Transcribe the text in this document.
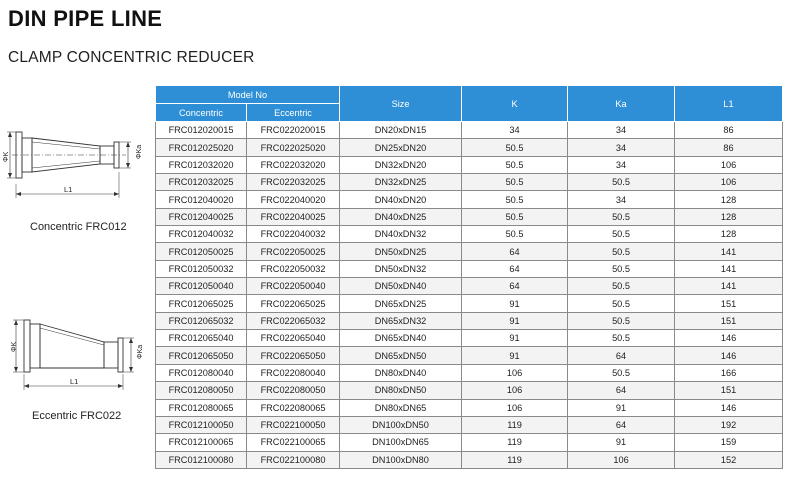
DIN PIPE LINE
CLAMP CONCENTRIC REDUCER
ΦK	ΦKa
L1
Concentric FRC012
ΦK	ΦKa
L1
Eccentric FRC022
Model No		Size	K	Ka	L1
Concentric	Eccentric				
FRC012020015	FRC022020015	DN20xDN15	34	34	86
FRC012025020	FRC022025020	DN25xDN20	50.5	34	86
FRC012032020	FRC022032020	DN32xDN20	50.5	34	106
FRC012032025	FRC022032025	DN32xDN25	50.5	50.5	106
FRC012040020	FRC022040020	DN40xDN20	50.5	34	128
FRC012040025	FRC022040025	DN40xDN25	50.5	50.5	128
FRC012040032	FRC022040032	DN40xDN32	50.5	50.5	128
FRC012050025	FRC022050025	DN50xDN25	64	50.5	141
FRC012050032	FRC022050032	DN50xDN32	64	50.5	141
FRC012050040	FRC022050040	DN50xDN40	64	50.5	141
FRC012065025	FRC022065025	DN65xDN25	91	50.5	151
FRC012065032	FRC022065032	DN65xDN32	91	50.5	151
FRC012065040	FRC022065040	DN65xDN40	91	50.5	146
FRC012065050	FRC022065050	DN65xDN50	91	64	146
FRC012080040	FRC022080040	DN80xDN40	106	50.5	166
FRC012080050	FRC022080050	DN80xDN50	106	64	151
FRC012080065	FRC022080065	DN80xDN65	106	91	146
FRC012100050	FRC022100050	DN100xDN50	119	64	192
FRC012100065	FRC022100065	DN100xDN65	119	91	159
FRC012100080	FRC022100080	DN100xDN80	119	106	152
